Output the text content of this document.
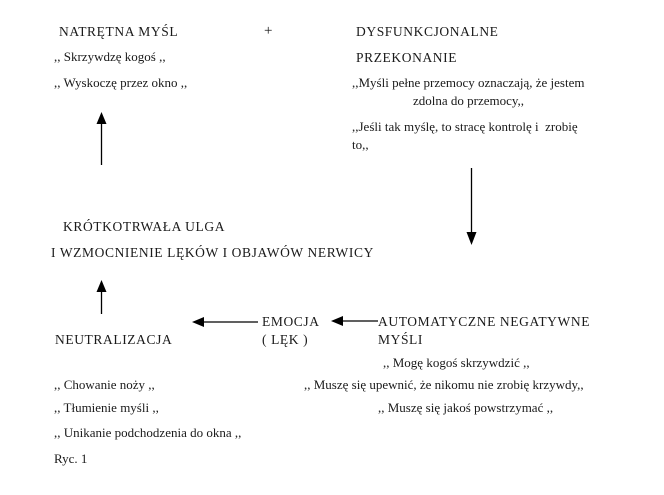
NATRĘTNA MYŚL
,, Skrzywdzę kogoś ,,
,, Wyskoczę przez okno ,,
+	DYSFUNKCJONALNE
PRZEKONANIE
,,Myśli pełne przemocy oznaczają, że jestem
zdolna do przemocy,,
,,Jeśli tak myślę, to stracę kontrolę i  zrobię
to,,
KRÓTKOTRWAŁA ULGA
I WZMOCNIENIE LĘKÓW I OBJAWÓW NERWICY
NEUTRALIZACJA
EMOCJA
( LĘK )
AUTOMATYCZNE NEGATYWNE
MYŚLI
,, Mogę kogoś skrzywdzić ,,
,, Muszę się upewnić, że nikomu nie zrobię krzywdy,,
,, Muszę się jakoś powstrzymać ,,
,, Chowanie noży ,,
,, Tłumienie myśli ,,
,, Unikanie podchodzenia do okna ,,
Ryc. 1
